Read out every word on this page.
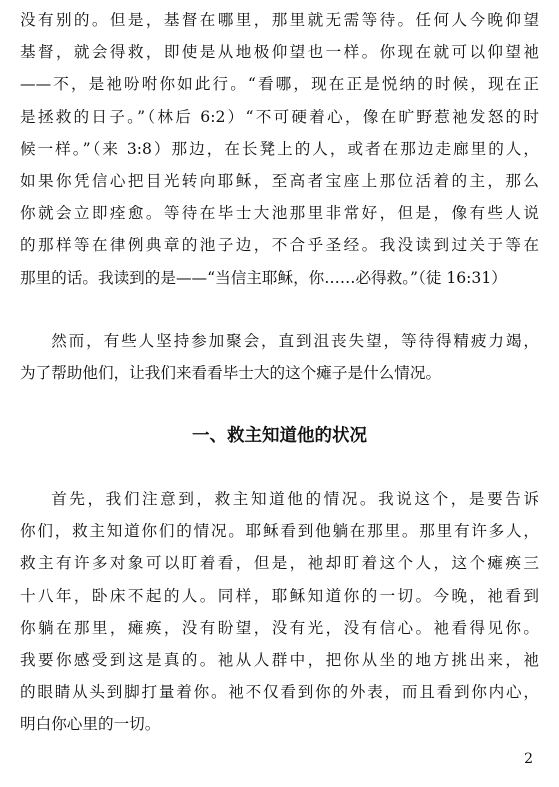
没有别的。但是，基督在哪里，那里就无需等待。任何人今晚仰望
基督，就会得救，即使是从地极仰望也一样。你现在就可以仰望祂
——不，是祂吩咐你如此行。“看哪，现在正是悦纳的时候，现在正
是拯救的日子。”（林后 6:2）“不可硬着心，像在旷野惹祂发怒的时
候一样。”（来 3:8）那边，在长凳上的人，或者在那边走廊里的人，
如果你凭信心把目光转向耶稣，至高者宝座上那位活着的主，那么
你就会立即痊愈。等待在毕士大池那里非常好，但是，像有些人说
的那样等在律例典章的池子边，不合乎圣经。我没读到过关于等在
那里的话。我读到的是——“当信主耶稣，你……必得救。”（徒 16:31）
然而，有些人坚持参加聚会，直到沮丧失望，等待得精疲力竭，
为了帮助他们，让我们来看看毕士大的这个瘫子是什么情况。
一、救主知道他的状况
首先，我们注意到，救主知道他的情况。我说这个，是要告诉
你们，救主知道你们的情况。耶稣看到他躺在那里。那里有许多人，
救主有许多对象可以盯着看，但是，祂却盯着这个人，这个瘫痪三
十八年，卧床不起的人。同样，耶稣知道你的一切。今晚，祂看到
你躺在那里，瘫痪，没有盼望，没有光，没有信心。祂看得见你。
我要你感受到这是真的。祂从人群中，把你从坐的地方挑出来，祂
的眼睛从头到脚打量着你。祂不仅看到你的外表，而且看到你内心，
明白你心里的一切。
2
